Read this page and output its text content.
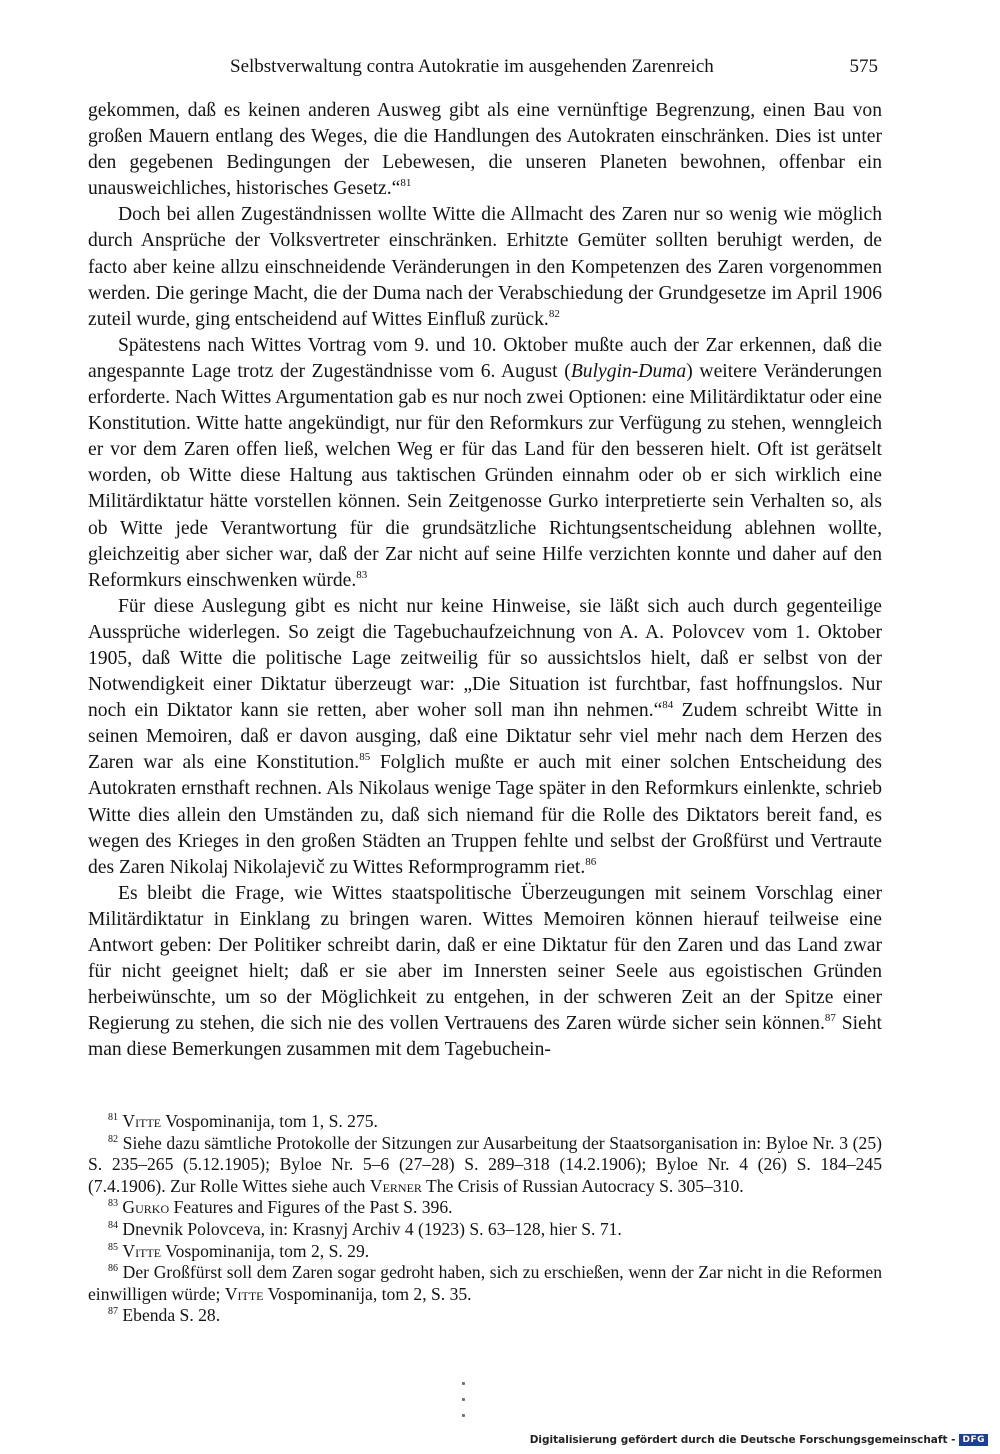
Selbstverwaltung contra Autokratie im ausgehenden Zarenreich	575

gekommen, daß es keinen anderen Ausweg gibt als eine vernünftige Begrenzung, einen Bau von großen Mauern entlang des Weges, die die Handlungen des Autokraten einschränken. Dies ist unter den gegebenen Bedingungen der Lebewesen, die unseren Planeten bewohnen, offenbar ein unausweichliches, historisches Gesetz.“$^{81}$

Doch bei allen Zugeständnissen wollte Witte die Allmacht des Zaren nur so wenig wie möglich durch Ansprüche der Volksvertreter einschränken. Erhitzte Gemüter sollten beruhigt werden, de facto aber keine allzu einschneidende Veränderungen in den Kompetenzen des Zaren vorgenommen werden. Die geringe Macht, die der Duma nach der Verabschiedung der Grundgesetze im April 1906 zuteil wurde, ging entscheidend auf Wittes Einfluß zurück.$^{82}$

Spätestens nach Wittes Vortrag vom 9. und 10. Oktober mußte auch der Zar erkennen, daß die angespannte Lage trotz der Zugeständnisse vom 6. August (Bulygin-Duma) weitere Veränderungen erforderte. Nach Wittes Argumentation gab es nur noch zwei Optionen: eine Militärdiktatur oder eine Konstitution. Witte hatte angekündigt, nur für den Reformkurs zur Verfügung zu stehen, wenngleich er vor dem Zaren offen ließ, welchen Weg er für das Land für den besseren hielt. Oft ist gerätselt worden, ob Witte diese Haltung aus taktischen Gründen einnahm oder ob er sich wirklich eine Militärdiktatur hätte vorstellen können. Sein Zeitgenosse Gurko interpretierte sein Verhalten so, als ob Witte jede Verantwortung für die grundsätzliche Richtungsentscheidung ablehnen wollte, gleichzeitig aber sicher war, daß der Zar nicht auf seine Hilfe verzichten konnte und daher auf den Reformkurs einschwenken würde.$^{83}$

Für diese Auslegung gibt es nicht nur keine Hinweise, sie läßt sich auch durch gegenteilige Aussprüche widerlegen. So zeigt die Tagebuchaufzeichnung von A. A. Polovcev vom 1. Oktober 1905, daß Witte die politische Lage zeitweilig für so aussichtslos hielt, daß er selbst von der Notwendigkeit einer Diktatur überzeugt war: „Die Situation ist furchtbar, fast hoffnungslos. Nur noch ein Diktator kann sie retten, aber woher soll man ihn nehmen.“$^{84}$ Zudem schreibt Witte in seinen Memoiren, daß er davon ausging, daß eine Diktatur sehr viel mehr nach dem Herzen des Zaren war als eine Konstitution.$^{85}$ Folglich mußte er auch mit einer solchen Entscheidung des Autokraten ernsthaft rechnen. Als Nikolaus wenige Tage später in den Reformkurs einlenkte, schrieb Witte dies allein den Umständen zu, daß sich niemand für die Rolle des Diktators bereit fand, es wegen des Krieges in den großen Städten an Truppen fehlte und selbst der Großfürst und Vertraute des Zaren Nikolaj Nikolajevič zu Wittes Reformprogramm riet.$^{86}$

Es bleibt die Frage, wie Wittes staatspolitische Überzeugungen mit seinem Vorschlag einer Militärdiktatur in Einklang zu bringen waren. Wittes Memoiren können hierauf teilweise eine Antwort geben: Der Politiker schreibt darin, daß er eine Diktatur für den Zaren und das Land zwar für nicht geeignet hielt; daß er sie aber im Innersten seiner Seele aus egoistischen Gründen herbeiwünschte, um so der Möglichkeit zu entgehen, in der schweren Zeit an der Spitze einer Regierung zu stehen, die sich nie des vollen Vertrauens des Zaren würde sicher sein können.$^{87}$ Sieht man diese Bemerkungen zusammen mit dem Tagebuchein-

$^{81}$ Vitte Vospominanija, tom 1, S. 275.

$^{82}$ Siehe dazu sämtliche Protokolle der Sitzungen zur Ausarbeitung der Staatsorganisation in: Byloe Nr. 3 (25) S. 235–265 (5.12.1905); Byloe Nr. 5–6 (27–28) S. 289–318 (14.2.1906); Byloe Nr. 4 (26) S. 184–245 (7.4.1906). Zur Rolle Wittes siehe auch Verner The Crisis of Russian Autocracy S. 305–310.

$^{83}$ Gurko Features and Figures of the Past S. 396.

$^{84}$ Dnevnik Polovceva, in: Krasnyj Archiv 4 (1923) S. 63–128, hier S. 71.

$^{85}$ Vitte Vospominanija, tom 2, S. 29.

$^{86}$ Der Großfürst soll dem Zaren sogar gedroht haben, sich zu erschießen, wenn der Zar nicht in die Reformen einwilligen würde; Vitte Vospominanija, tom 2, S. 35.

$^{87}$ Ebenda S. 28.

Digitalisierung gefördert durch die Deutsche Forschungsgemeinschaft - DFG
